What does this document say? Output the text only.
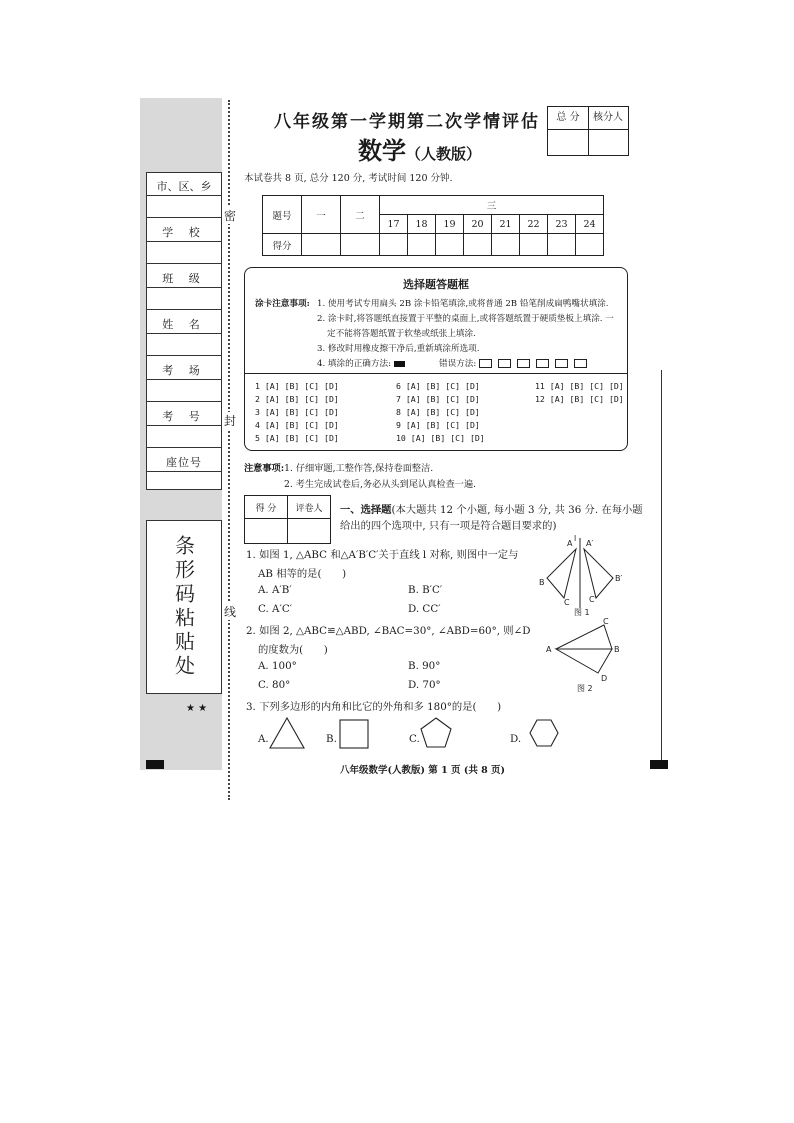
市、区、乡
学 校
班 级
姓 名
考 场
考 号
座位号
条形码粘贴处
★ ★
密
封
线
八年级第一学期第二次学情评估
数学（人教版）
总 分	核分人
本试卷共 8 页, 总分 120 分, 考试时间 120 分钟.
题号	一	二	三							
			17	18	19	20	21	22	23	24
得分										
选择题答题框
涂卡注意事项: 1. 使用考试专用扁头 2B 涂卡铅笔填涂,或将普通 2B 铅笔削成扁鸭嘴状填涂.
2. 涂卡时,将答题纸直接置于平整的桌面上,或将答题纸置于硬质垫板上填涂. 一
定不能将答题纸置于软垫或纸张上填涂.
3. 修改时用橡皮擦干净后,重新填涂所选项.
4. 填涂的正确方法:	错误方法:
1 [A] [B] [C] [D]
2 [A] [B] [C] [D]
3 [A] [B] [C] [D]
4 [A] [B] [C] [D]
5 [A] [B] [C] [D]
6 [A] [B] [C] [D]
7 [A] [B] [C] [D]
8 [A] [B] [C] [D]
9 [A] [B] [C] [D]
10 [A] [B] [C] [D]
11 [A] [B] [C] [D]
12 [A] [B] [C] [D]
注意事项:1. 仔细审题,工整作答,保持卷面整洁.
2. 考生完成试卷后,务必从头到尾认真检查一遍.
得 分	评卷人
	一、选择题(本大题共 12 个小题, 每小题 3 分, 共 36 分. 在每小题
给出的四个选项中, 只有一项是符合题目要求的)
1. 如图 1, △ABC 和△A′B′C′关于直线 l 对称, 则图中一定与
AB 相等的是(　　)
A. A′B′	B. B′C′
C. A′C′	D. CC′
2. 如图 2, △ABC≌△ABD, ∠BAC=30°, ∠ABD=60°, 则∠D
的度数为(　　)
A. 100°	B. 90°
C. 80°	D. 70°
3. 下列多边形的内角和比它的外角和多 180°的是(　　)
A.	B.	C.	D.
A A′
B	B′
C C′
l
图 1
A	B
C
D
图 2
八年级数学(人教版) 第 1 页 (共 8 页)
